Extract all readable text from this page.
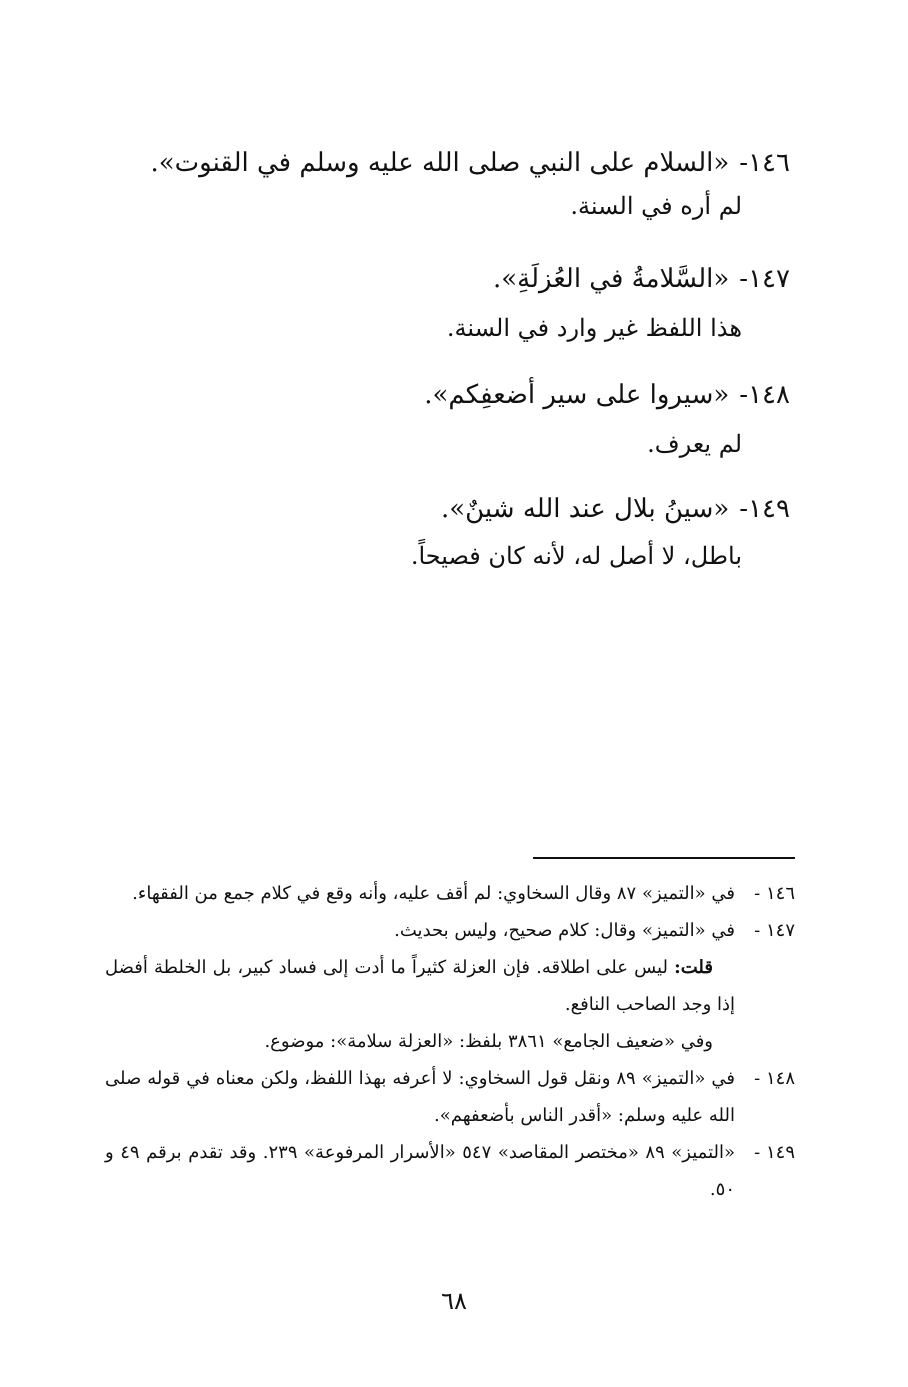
١٤٦-
«السلام على النبي صلى الله عليه وسلم في القنوت».
لم أره في السنة.
١٤٧-
«السَّلامةُ في العُزلَةِ».
هذا اللفظ غير وارد في السنة.
١٤٨-
«سيروا على سير أضعفِكم».
لم يعرف.
١٤٩-
«سينُ بلال عند الله شينٌ».
باطل، لا أصل له، لأنه كان فصيحاً.
١٤٦ -

في «التميز» ٨٧ وقال السخاوي: لم أقف عليه، وأنه وقع في كلام جمع من الفقهاء.

١٤٧ -

في «التميز» وقال: كلام صحيح، وليس بحديث.

قلت: ليس على اطلاقه. فإن العزلة كثيراً ما أدت إلى فساد كبير، بل الخلطة أفضل إذا وجد الصاحب النافع.

وفي «ضعيف الجامع» ٣٨٦١ بلفظ: «العزلة سلامة»: موضوع.

١٤٨ -

في «التميز» ٨٩ ونقل قول السخاوي: لا أعرفه بهذا اللفظ، ولكن معناه في قوله صلى الله عليه وسلم: «أقدر الناس بأضعفهم».

١٤٩ -

«التميز» ٨٩ «مختصر المقاصد» ٥٤٧ «الأسرار المرفوعة» ٢٣٩. وقد تقدم برقم ٤٩ و ٥٠.

٦٨
